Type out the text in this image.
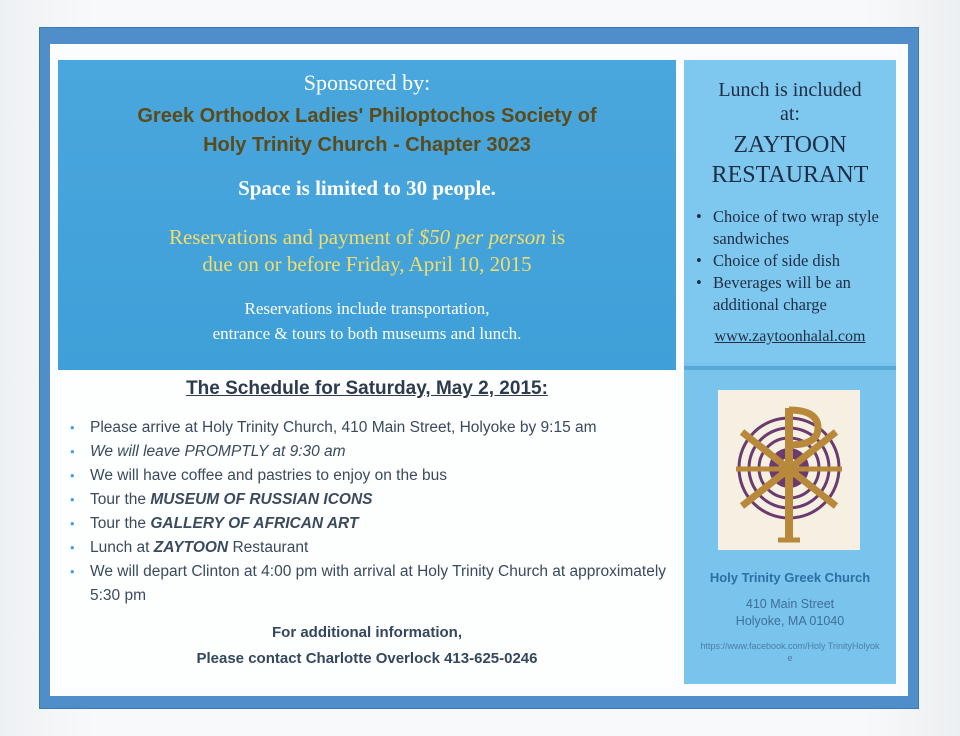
Sponsored by:
Greek Orthodox Ladies' Philoptochos Society of
Holy Trinity Church - Chapter 3023
Space is limited to 30 people.
Reservations and payment of $50 per person is
due on or before Friday, April 10, 2015
Reservations include transportation,
entrance & tours to both museums and lunch.
The Schedule for Saturday, May 2, 2015:
• Please arrive at Holy Trinity Church, 410 Main Street, Holyoke by 9:15 am
• We will leave PROMPTLY at 9:30 am
• We will have coffee and pastries to enjoy on the bus
• Tour the MUSEUM OF RUSSIAN ICONS
• Tour the GALLERY OF AFRICAN ART
• Lunch at ZAYTOON Restaurant
• We will depart Clinton at 4:00 pm with arrival at Holy Trinity Church at approximately 5:30 pm
For additional information,
Please contact Charlotte Overlock 413-625-0246
Lunch is included
at:
ZAYTOON
RESTAURANT
• Choice of two wrap style sandwiches
• Choice of side dish
• Beverages will be an additional charge
www.zaytoonhalal.com
Holy Trinity Greek Church
410 Main Street
Holyoke, MA 01040
https://www.facebook.com/Holy TrinityHolyoke
